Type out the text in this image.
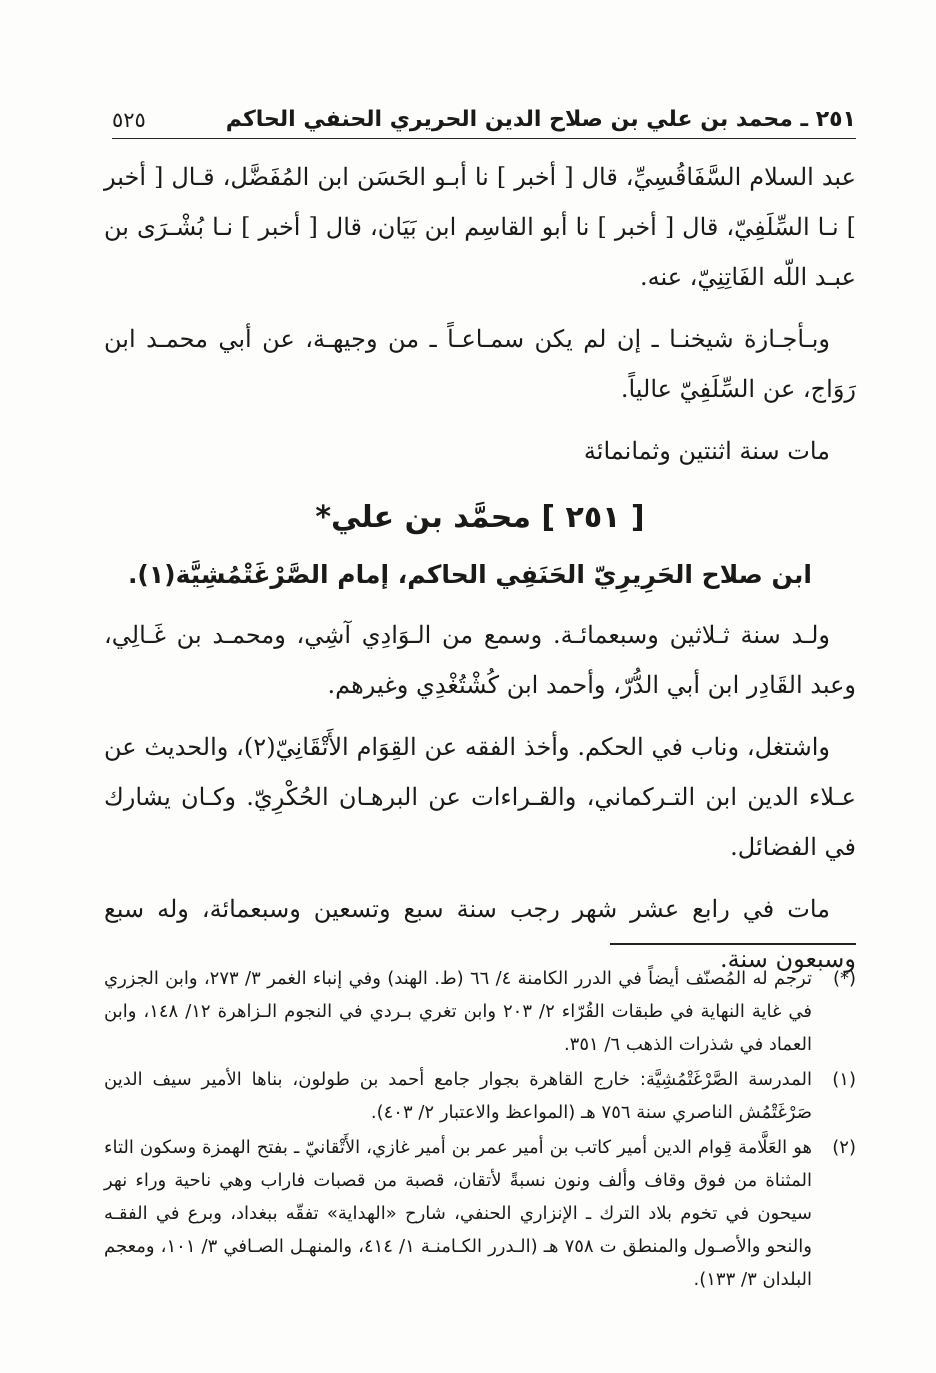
٢٥١ ـ محمد بن علي بن صلاح الدين الحريري الحنفي الحاكم
٥٢٥

عبد السلام السَّفَاقُسِيِّ، قال [ أخبر ] نا أبـو الحَسَن ابن المُفَضَّل، قـال [ أخبر ] نـا السِّلَفِيّ، قال [ أخبر ] نا أبو القاسِم ابن بَيَان، قال [ أخبر ] نـا بُشْـرَى بن عبـد اللّه الفَاتِنِيّ، عنه.

وبـأجـازة شيخنـا ـ إن لم يكن سمـاعـاً ـ من وجيهـة، عن أبي محمـد ابن رَوَاج، عن السِّلَفِيّ عالياً.

مات سنة اثنتين وثمانمائة

[ ٢٥١ ] محمَّد بن علي*

ابن صلاح الحَرِيرِيّ الحَنَفِي الحاكم، إمام الصَّرْغَتْمُشِيَّة(١).

ولـد سنة ثـلاثين وسبعمائـة. وسمع من الـوَادِي آشِي، ومحمـد بن غَـالِي، وعبد القَادِر ابن أبي الدُّرّ، وأحمد ابن كُشْتُغْدِي وغيرهم.

واشتغل، وناب في الحكم. وأخذ الفقه عن القِوَام الأَتْقَانِيّ(٢)، والحديث عن عـلاء الدين ابن التـركماني، والقـراءات عن البرهـان الحُكْرِيّ. وكـان يشارك في الفضائل.

مات في رابع عشر شهر رجب سنة سبع وتسعين وسبعمائة، وله سبع وسبعون سنة.

(*)
ترجم له المُصنّف أيضاً في الدرر الكامنة ٤/ ٦٦ (ط. الهند) وفي إنباء الغمر ٣/ ٢٧٣، وابن الجزري في غاية النهاية في طبقات القُرّاء ٢/ ٢٠٣ وابن تغري بـردي في النجوم الـزاهرة ١٢/ ١٤٨، وابن العماد في شذرات الذهب ٦/ ٣٥١.
(١)
المدرسة الصَّرْغَتْمُشِيَّة: خارج القاهرة بجوار جامع أحمد بن طولون، بناها الأمير سيف الدين صَرْغَتْمُش الناصري سنة ٧٥٦ هـ (المواعظ والاعتبار ٢/ ٤٠٣).
(٢)
هو العَلَّامة قِوام الدين أمير كاتب بن أمير عمر بن أمير غازي، الأَتْقانيّ ـ بفتح الهمزة وسكون التاء المثناة من فوق وقاف وألف ونون نسبةً لأتقان، قصبة من قصبات فاراب وهي ناحية وراء نهر سيحون في تخوم بلاد الترك ـ الإنزاري الحنفي، شارح «الهداية» تفقّه ببغداد، وبرع في الفقـه والنحو والأصـول والمنطق ت ٧٥٨ هـ (الـدرر الكـامنـة ١/ ٤١٤، والمنهـل الصـافي ٣/ ١٠١، ومعجم البلدان ٣/ ١٣٣).
